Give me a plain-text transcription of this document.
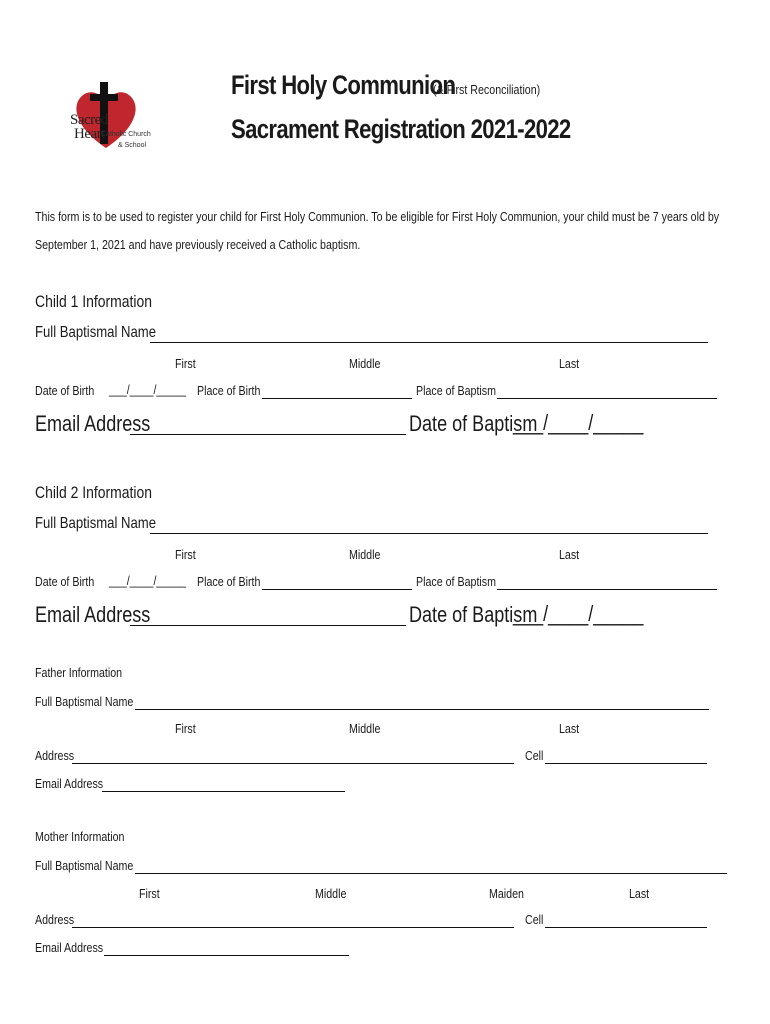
Sacred
Heart
Catholic Church
& School
First Holy Communion
(& First Reconciliation)
Sacrament Registration 2021-2022
This form is to be used to register your child for First Holy Communion. To be eligible for First Holy Communion, your child must be 7 years old by
September 1, 2021 and have previously received a Catholic baptism.
Child 1 Information
Full Baptismal Name
First	Middle	Last
Date of Birth ___/____/_____ Place of Birth	Place of Baptism
Email Address	Date of Baptism
___/____/_____
Child 2 Information
Full Baptismal Name
First	Middle	Last
Date of Birth ___/____/_____ Place of Birth	Place of Baptism
Email Address	Date of Baptism
___/____/_____
Father Information
Full Baptismal Name
First	Middle	Last
Address	Cell
Email Address
Mother Information
Full Baptismal Name
First	Middle	Maiden	Last
Address	Cell
Email Address
